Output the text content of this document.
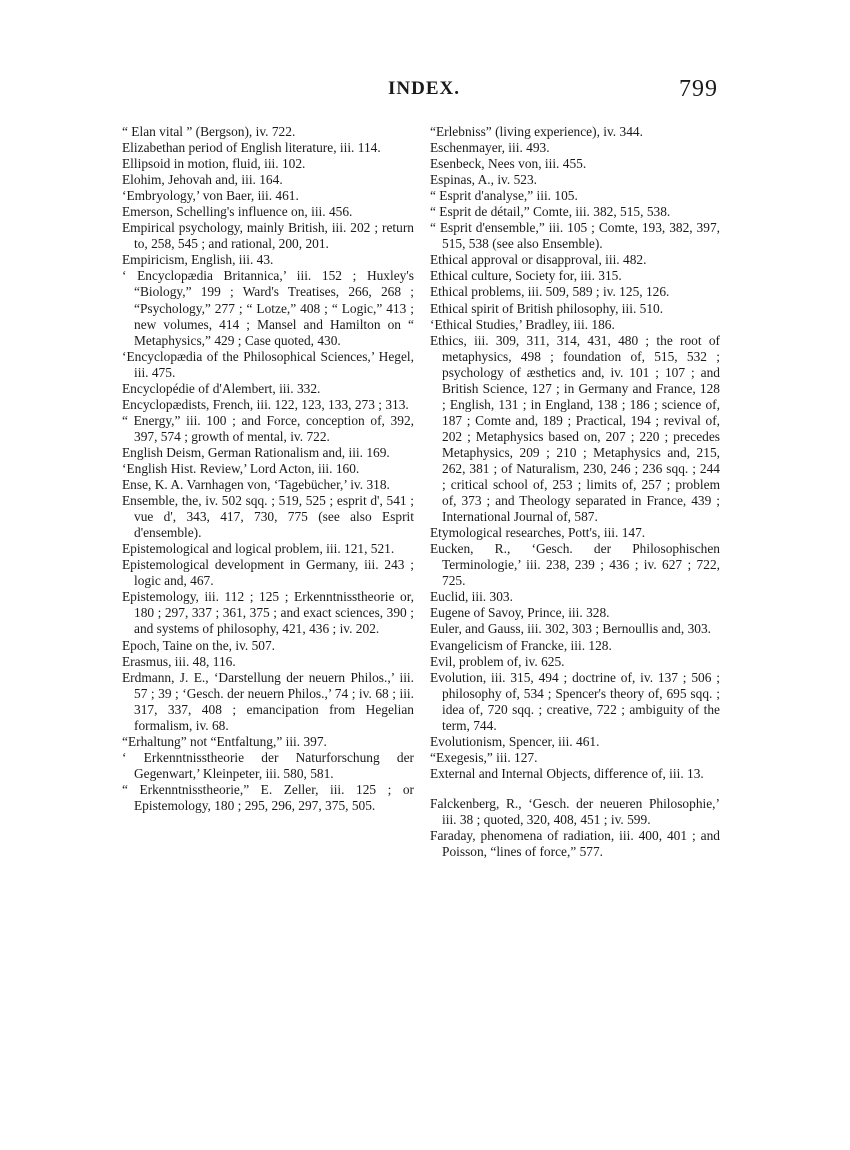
INDEX.	799

“ Elan vital ” (Bergson), iv. 722.

Elizabethan period of English literature, iii. 114.

Ellipsoid in motion, fluid, iii. 102.

Elohim, Jehovah and, iii. 164.

‘Embryology,’ von Baer, iii. 461.

Emerson, Schelling's influence on, iii. 456.

Empirical psychology, mainly British, iii. 202 ; return to, 258, 545 ; and rational, 200, 201.

Empiricism, English, iii. 43.

‘ Encyclopædia Britannica,’ iii. 152 ; Huxley's “Biology,” 199 ; Ward's Treatises, 266, 268 ; “Psychology,” 277 ; “ Lotze,” 408 ; “ Logic,” 413 ; new volumes, 414 ; Mansel and Hamilton on “ Metaphysics,” 429 ; Case quoted, 430.

‘Encyclopædia of the Philosophical Sciences,’ Hegel, iii. 475.

Encyclopédie of d'Alembert, iii. 332.

Encyclopædists, French, iii. 122, 123, 133, 273 ; 313.

“ Energy,” iii. 100 ; and Force, conception of, 392, 397, 574 ; growth of mental, iv. 722.

English Deism, German Rationalism and, iii. 169.

‘English Hist. Review,’ Lord Acton, iii. 160.

Ense, K. A. Varnhagen von, ‘Tagebücher,’ iv. 318.

Ensemble, the, iv. 502 sqq. ; 519, 525 ; esprit d', 541 ; vue d', 343, 417, 730, 775 (see also Esprit d'ensemble).

Epistemological and logical problem, iii. 121, 521.

Epistemological development in Germany, iii. 243 ; logic and, 467.

Epistemology, iii. 112 ; 125 ; Erkenntnisstheorie or, 180 ; 297, 337 ; 361, 375 ; and exact sciences, 390 ; and systems of philosophy, 421, 436 ; iv. 202.

Epoch, Taine on the, iv. 507.

Erasmus, iii. 48, 116.

Erdmann, J. E., ‘Darstellung der neuern Philos.,’ iii. 57 ; 39 ; ‘Gesch. der neuern Philos.,’ 74 ; iv. 68 ; iii. 317, 337, 408 ; emancipation from Hegelian formalism, iv. 68.

“Erhaltung” not “Entfaltung,” iii. 397.

‘ Erkenntnisstheorie der Naturforschung der Gegenwart,’ Kleinpeter, iii. 580, 581.

“ Erkenntnisstheorie,” E. Zeller, iii. 125 ; or Epistemology, 180 ; 295, 296, 297, 375, 505.

“Erlebniss” (living experience), iv. 344.

Eschenmayer, iii. 493.

Esenbeck, Nees von, iii. 455.

Espinas, A., iv. 523.

“ Esprit d'analyse,” iii. 105.

“ Esprit de détail,” Comte, iii. 382, 515, 538.

“ Esprit d'ensemble,” iii. 105 ; Comte, 193, 382, 397, 515, 538 (see also Ensemble).

Ethical approval or disapproval, iii. 482.

Ethical culture, Society for, iii. 315.

Ethical problems, iii. 509, 589 ; iv. 125, 126.

Ethical spirit of British philosophy, iii. 510.

‘Ethical Studies,’ Bradley, iii. 186.

Ethics, iii. 309, 311, 314, 431, 480 ; the root of metaphysics, 498 ; foundation of, 515, 532 ; psychology of æsthetics and, iv. 101 ; 107 ; and British Science, 127 ; in Germany and France, 128 ; English, 131 ; in England, 138 ; 186 ; science of, 187 ; Comte and, 189 ; Practical, 194 ; revival of, 202 ; Metaphysics based on, 207 ; 220 ; precedes Metaphysics, 209 ; 210 ; Metaphysics and, 215, 262, 381 ; of Naturalism, 230, 246 ; 236 sqq. ; 244 ; critical school of, 253 ; limits of, 257 ; problem of, 373 ; and Theology separated in France, 439 ; International Journal of, 587.

Etymological researches, Pott's, iii. 147.

Eucken, R., ‘Gesch. der Philosophischen Terminologie,’ iii. 238, 239 ; 436 ; iv. 627 ; 722, 725.

Euclid, iii. 303.

Eugene of Savoy, Prince, iii. 328.

Euler, and Gauss, iii. 302, 303 ; Bernoullis and, 303.

Evangelicism of Francke, iii. 128.

Evil, problem of, iv. 625.

Evolution, iii. 315, 494 ; doctrine of, iv. 137 ; 506 ; philosophy of, 534 ; Spencer's theory of, 695 sqq. ; idea of, 720 sqq. ; creative, 722 ; ambiguity of the term, 744.

Evolutionism, Spencer, iii. 461.

“Exegesis,” iii. 127.

External and Internal Objects, difference of, iii. 13.

Falckenberg, R., ‘Gesch. der neueren Philosophie,’ iii. 38 ; quoted, 320, 408, 451 ; iv. 599.

Faraday, phenomena of radiation, iii. 400, 401 ; and Poisson, “lines of force,” 577.
